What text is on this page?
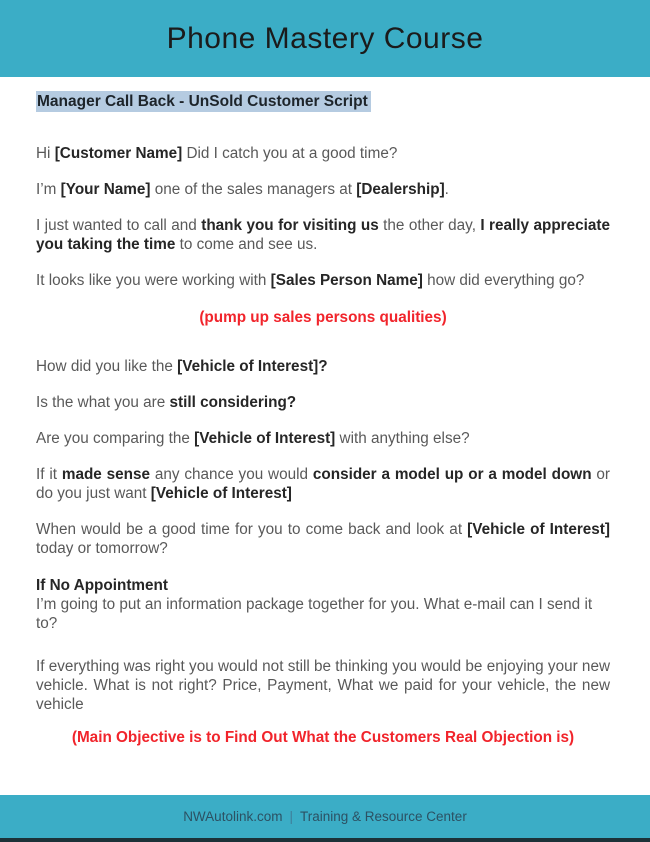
Phone Mastery Course
Manager Call Back - UnSold Customer Script

Hi [Customer Name] Did I catch you at a good time?

I’m [Your Name] one of the sales managers at [Dealership].

I just wanted to call and thank you for visiting us the other day, I really appreciate you taking the time to come and see us.

It looks like you were working with [Sales Person Name] how did everything go?

(pump up sales persons qualities)

How did you like the [Vehicle of Interest]?

Is the what you are still considering?

Are you comparing the [Vehicle of Interest] with anything else?

If it made sense any chance you would consider a model up or a model down or do you just want [Vehicle of Interest]

When would be a good time for you to come back and look at [Vehicle of Interest] today or tomorrow?

If No Appointment

I’m going to put an information package together for you. What e-mail can I send it to?

If everything was right you would not still be thinking you would be enjoying your new vehicle. What is not right? Price, Payment, What we paid for your vehicle, the new vehicle

(Main Objective is to Find Out What the Customers Real Objection is)

NWAutolink.com | Training & Resource Center
